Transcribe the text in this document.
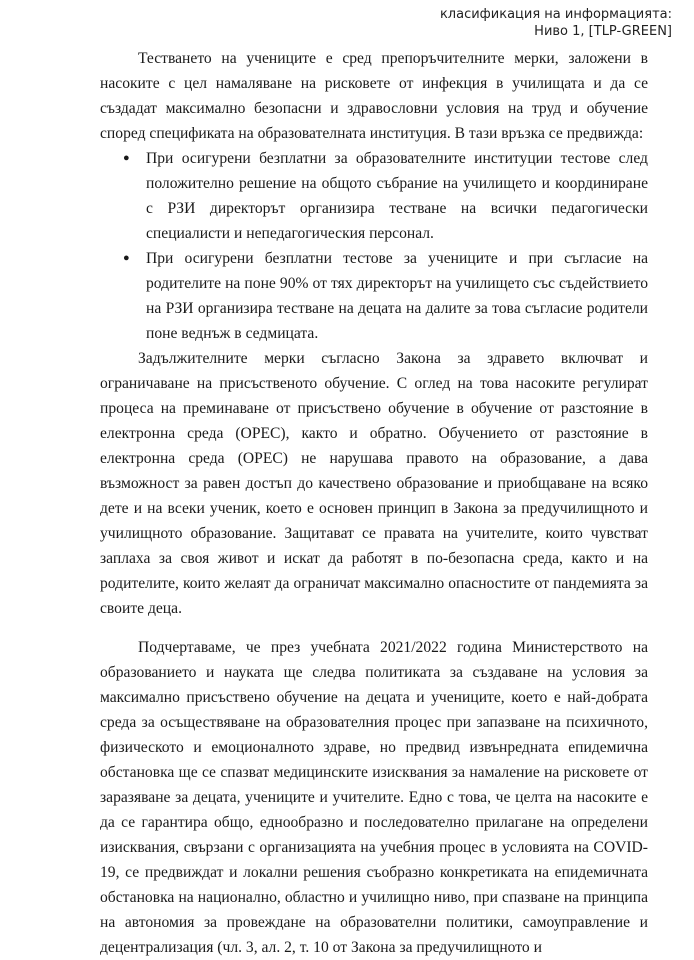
класификация на информацията:
Ниво 1, [TLP-GREEN]

Тестването на учениците е сред препоръчителните мерки, заложени в насоките с цел намаляване на рисковете от инфекция в училищата и да се създадат максимално безопасни и здравословни условия на труд и обучение според спецификата на образователната институция. В тази връзка се предвижда:

● При осигурени безплатни за образователните институции тестове след положително решение на общото събрание на училището и координиране с РЗИ директорът организира тестване на всички педагогически специалисти и непедагогическия персонал.
● При осигурени безплатни тестове за учениците и при съгласие на родителите на поне 90% от тях директорът на училището със съдействието на РЗИ организира тестване на децата на далите за това съгласие родители поне веднъж в седмицата.

Задължителните мерки съгласно Закона за здравето включват и ограничаване на присъственото обучение. С оглед на това насоките регулират процеса на преминаване от присъствено обучение в обучение от разстояние в електронна среда (ОРЕС), както и обратно. Обучението от разстояние в електронна среда (ОРЕС) не нарушава правото на образование, а дава възможност за равен достъп до качествено образование и приобщаване на всяко дете и на всеки ученик, което е основен принцип в Закона за предучилищното и училищното образование. Защитават се правата на учителите, които чувстват заплаха за своя живот и искат да работят в по-безопасна среда, както и на родителите, които желаят да ограничат максимално опасностите от пандемията за своите деца.

Подчертаваме, че през учебната 2021/2022 година Министерството на образованието и науката ще следва политиката за създаване на условия за максимално присъствено обучение на децата и учениците, което е най-добрата среда за осъществяване на образователния процес при запазване на психичното, физическото и емоционалното здраве, но предвид извънредната епидемична обстановка ще се спазват медицинските изисквания за намаление на рисковете от заразяване за децата, учениците и учителите. Едно с това, че целта на насоките е да се гарантира общо, еднообразно и последователно прилагане на определени изисквания, свързани с организацията на учебния процес в условията на COVID-19, се предвиждат и локални решения съобразно конкретиката на епидемичната обстановка на национално, областно и училищно ниво, при спазване на принципа на автономия за провеждане на образователни политики, самоуправление и децентрализация (чл. 3, ал. 2, т. 10 от Закона за предучилищното и
